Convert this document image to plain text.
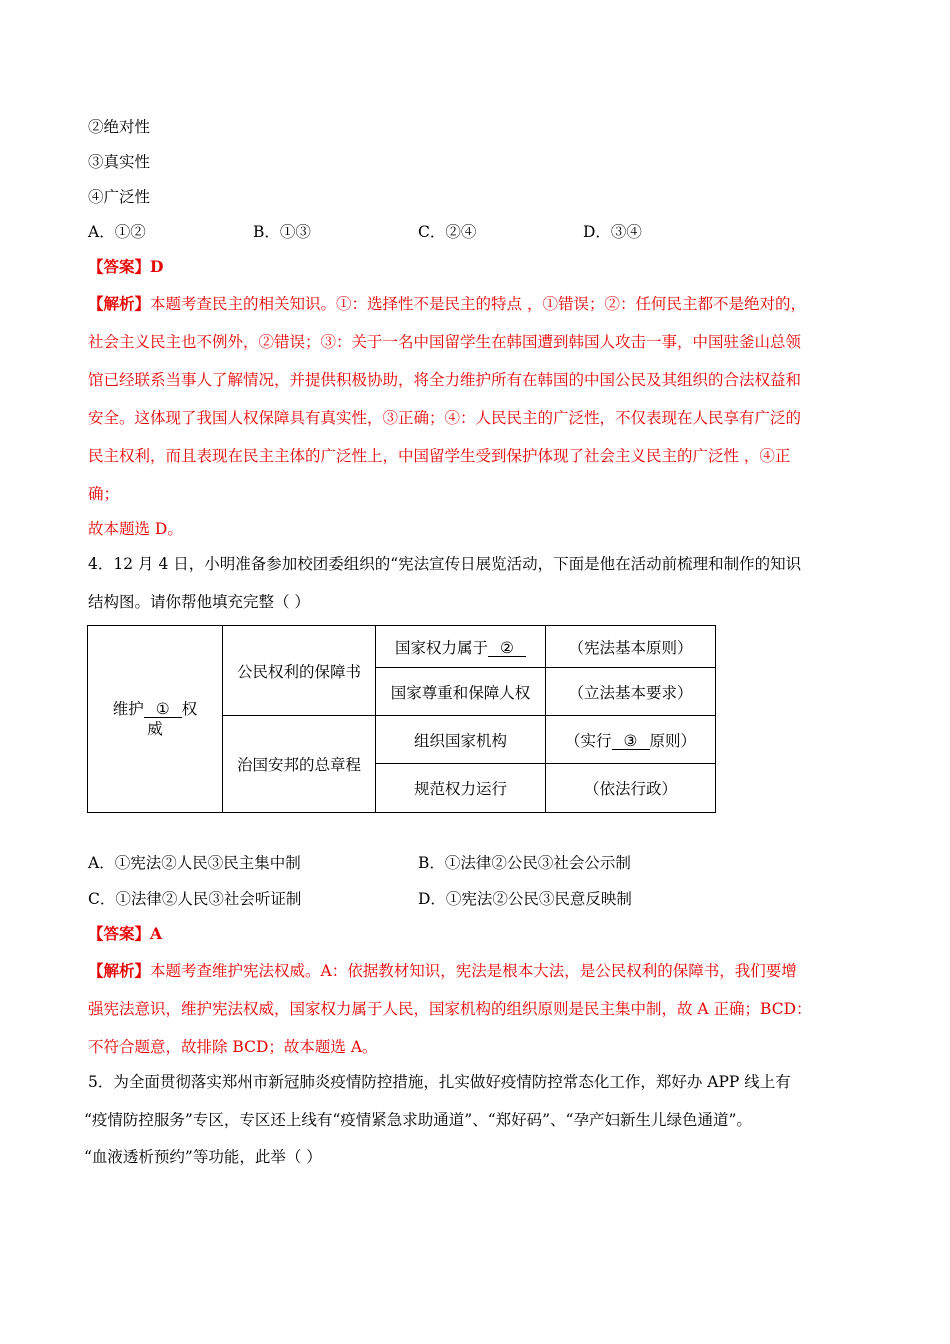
②绝对性
③真实性
④广泛性
A．①②	B．①③	C．②④	D．③④
【答案】D
【解析】本题考查民主的相关知识。①：选择性不是民主的特点 ，①错误；②：任何民主都不是绝对的，
社会主义民主也不例外，②错误；③：关于一名中国留学生在韩国遭到韩国人攻击一事，中国驻釜山总领
馆已经联系当事人了解情况，并提供积极协助，将全力维护所有在韩国的中国公民及其组织的合法权益和
安全。这体现了我国人权保障具有真实性，③正确；④：人民民主的广泛性，不仅表现在人民享有广泛的
民主权利，而且表现在民主主体的广泛性上，中国留学生受到保护体现了社会主义民主的广泛性 ，④正
确；
故本题选 D。
4．12 月 4 日，小明准备参加校团委组织的“宪法宣传日展览活动，下面是他在活动前梳理和制作的知识
结构图。请你帮他填充完整（ ）
维护 ① 权
威	公民权利的保障书	国家权力属于 ②	（宪法基本原则）
		国家尊重和保障人权	（立法基本要求）
	治国安邦的总章程	组织国家机构	（实行 ③ 原则）
		规范权力运行	（依法行政）
A．①宪法②人民③民主集中制	B．①法律②公民③社会公示制
C．①法律②人民③社会听证制	D．①宪法②公民③民意反映制
【答案】A
【解析】本题考查维护宪法权威。A：依据教材知识，宪法是根本大法，是公民权利的保障书，我们要增
强宪法意识，维护宪法权威，国家权力属于人民，国家机构的组织原则是民主集中制，故 A 正确；BCD：
不符合题意，故排除 BCD；故本题选 A。
5．为全面贯彻落实郑州市新冠肺炎疫情防控措施，扎实做好疫情防控常态化工作，郑好办 APP 线上有
“疫情防控服务”专区，专区还上线有“疫情紧急求助通道”、“郑好码”、“孕产妇新生儿绿色通道”。
“血液透析预约”等功能，此举（ ）
